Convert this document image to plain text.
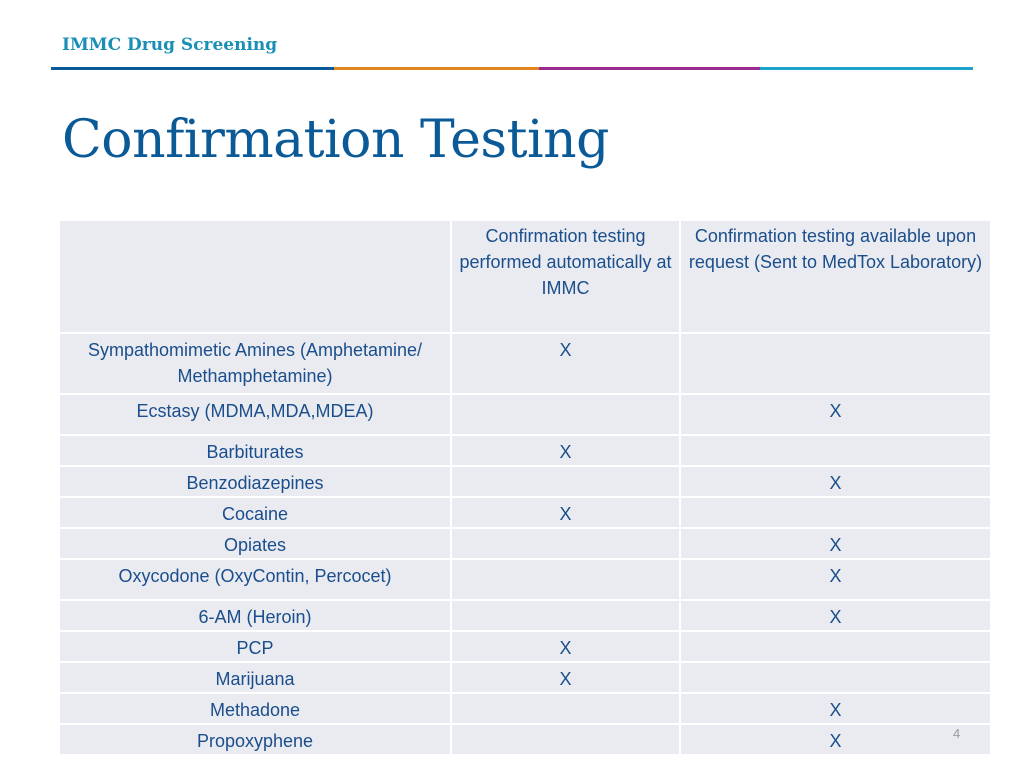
IMMC Drug Screening
Confirmation Testing
	Confirmation testing performed automatically at IMMC	Confirmation testing available upon request (Sent to MedTox Laboratory)
Sympathomimetic Amines (Amphetamine/ Methamphetamine)	X	
Ecstasy (MDMA,MDA,MDEA)		X
Barbiturates	X	
Benzodiazepines		X
Cocaine	X	
Opiates		X
Oxycodone (OxyContin, Percocet)		X
6-AM (Heroin)		X
PCP	X	
Marijuana	X	
Methadone		X
Propoxyphene		X	4
